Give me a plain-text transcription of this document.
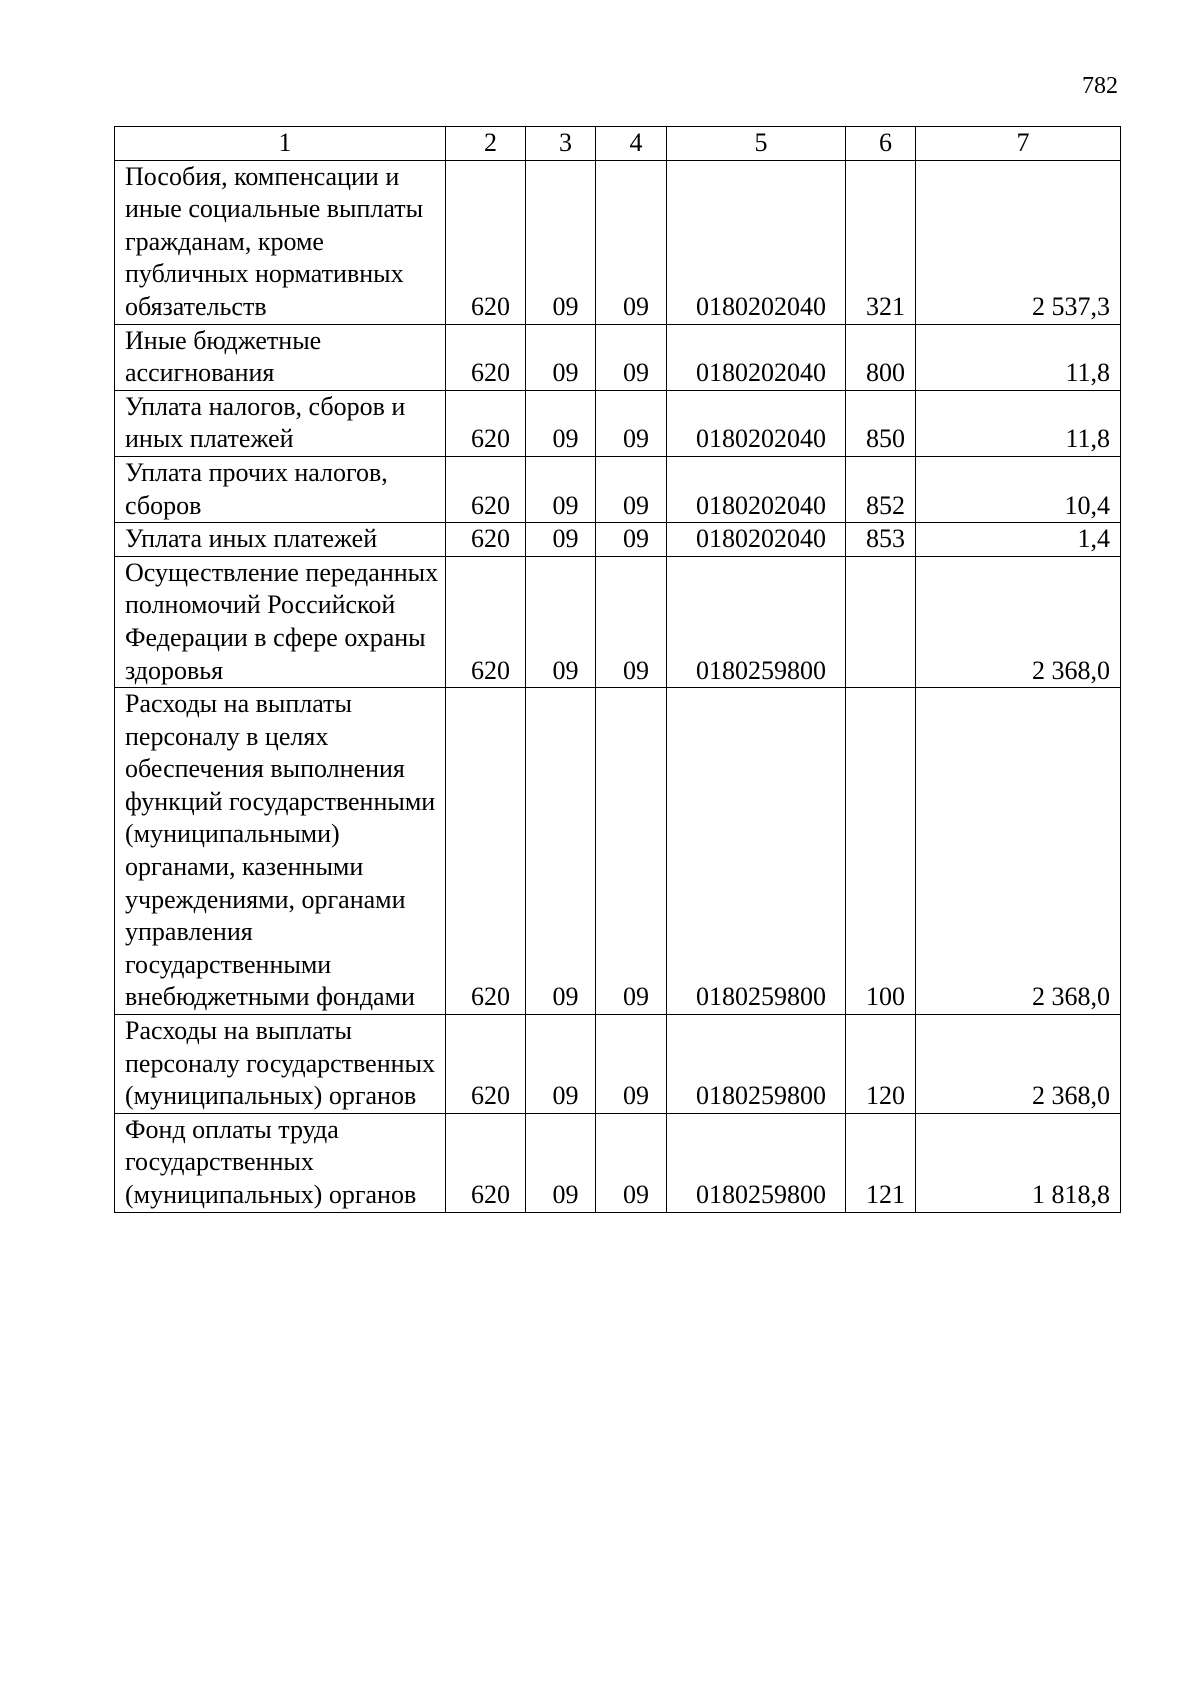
782
1	2	3	4	5	6	7
Пособия, компенсации и иные социальные выплаты гражданам, кроме публичных нормативных обязательств	620	09	09	0180202040	321	2 537,3
Иные бюджетные ассигнования	620	09	09	0180202040	800	11,8
Уплата налогов, сборов и иных платежей	620	09	09	0180202040	850	11,8
Уплата прочих налогов, сборов	620	09	09	0180202040	852	10,4
Уплата иных платежей	620	09	09	0180202040	853	1,4
Осуществление переданных полномочий Российской Федерации в сфере охраны здоровья	620	09	09	0180259800		2 368,0
Расходы на выплаты персоналу в целях обеспечения выполнения функций государственными (муниципальными) органами, казенными учреждениями, органами управления государственными внебюджетными фондами	620	09	09	0180259800	100	2 368,0
Расходы на выплаты персоналу государственных (муниципальных) органов	620	09	09	0180259800	120	2 368,0
Фонд оплаты труда государственных (муниципальных) органов	620	09	09	0180259800	121	1 818,8
